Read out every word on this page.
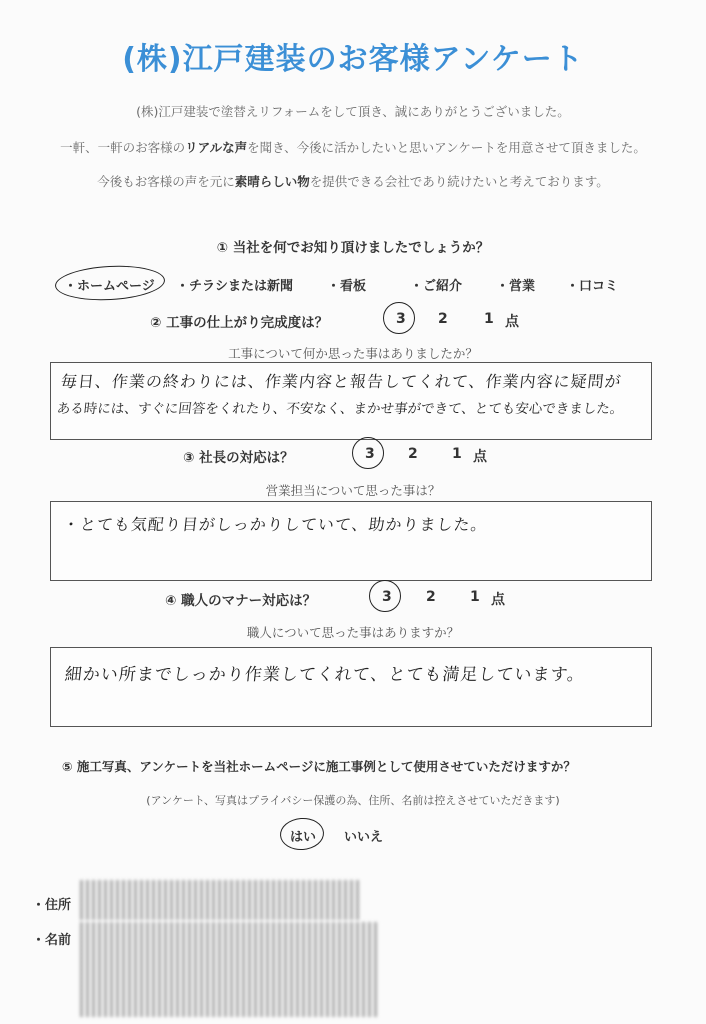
(株)江戸建装のお客様アンケート
(株)江戸建装で塗替えリフォームをして頂き、誠にありがとうございました。
一軒、一軒のお客様のリアルな声を聞き、今後に活かしたいと思いアンケートを用意させて頂きました。
今後もお客様の声を元に素晴らしい物を提供できる会社であり続けたいと考えております。
① 当社を何でお知り頂けましたでしょうか？
・ホームページ ・チラシまたは新聞	・看板	・ご紹介	・営業 ・口コミ
② 工事の仕上がり完成度は？	3 2	1 点
工事について何か思った事はありましたか？
毎日、作業の終わりには、作業内容と報告してくれて、作業内容に疑問が
ある時には、すぐに回答をくれたり、不安なく、まかせ事ができて、とても安心できました。
③ 社長の対応は？	3 2 1 点
営業担当について思った事は？
・とても気配り目がしっかりしていて、助かりました。
④ 職人のマナー対応は？	3 2 1 点
職人について思った事はありますか？
細かい所までしっかり作業してくれて、とても満足しています。
⑤ 施工写真、アンケートを当社ホームページに施工事例として使用させていただけますか？
(アンケート、写真はプライバシー保護の為、住所、名前は控えさせていただきます)
はい いいえ
・住所
・名前
